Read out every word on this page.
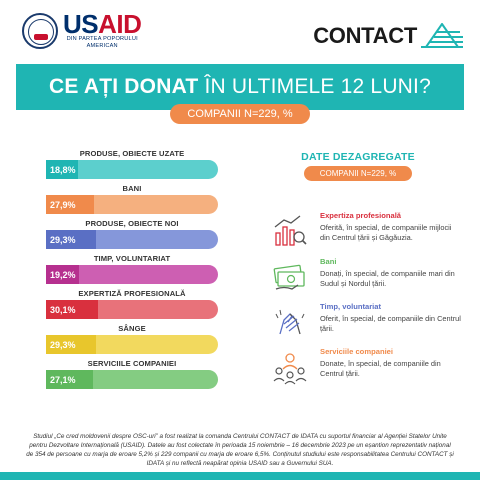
USAID
DIN PARTEA POPORULUI
AMERICAN	CONTACT
CE AȚI DONAT ÎN ULTIMELE 12 LUNI?
COMPANII N=229, %
PRODUSE, OBIECTE UZATE
18,8%
BANI
27,9%
PRODUSE, OBIECTE NOI
29,3%
TIMP, VOLUNTARIAT
19,2%
EXPERTIZĂ PROFESIONALĂ
30,1%
SÂNGE
29,3%
SERVICIILE COMPANIEI
27,1%
DATE DEZAGREGATE
COMPANII N=229, %
Expertiza profesională
Oferită, în special, de companiile mijlocii din Centrul țării și Găgăuzia.
Bani
Donați, în special, de companiile mari din Sudul și Nordul țării.
Timp, voluntariat
Oferit, în special, de companiile din Centrul țării.
Serviciile companiei
Donate, în special, de companiile din Centrul țării.
Studiul „Ce cred moldovenii despre OSC-uri” a fost realizat la comanda Centrului CONTACT de IDATA cu suportul financiar al Agenției Statelor Unite pentru Dezvoltare Internațională (USAID). Datele au fost colectate în perioada 15 noiembrie – 16 decembrie 2023 pe un eșantion reprezentativ național de 354 de persoane cu marja de eroare 5,2% și 229 companii cu marja de eroare 6,5%. Conținutul studiului este responsabilitatea Centrului CONTACT și IDATA și nu reflectă neapărat opinia USAID sau a Guvernului SUA.
